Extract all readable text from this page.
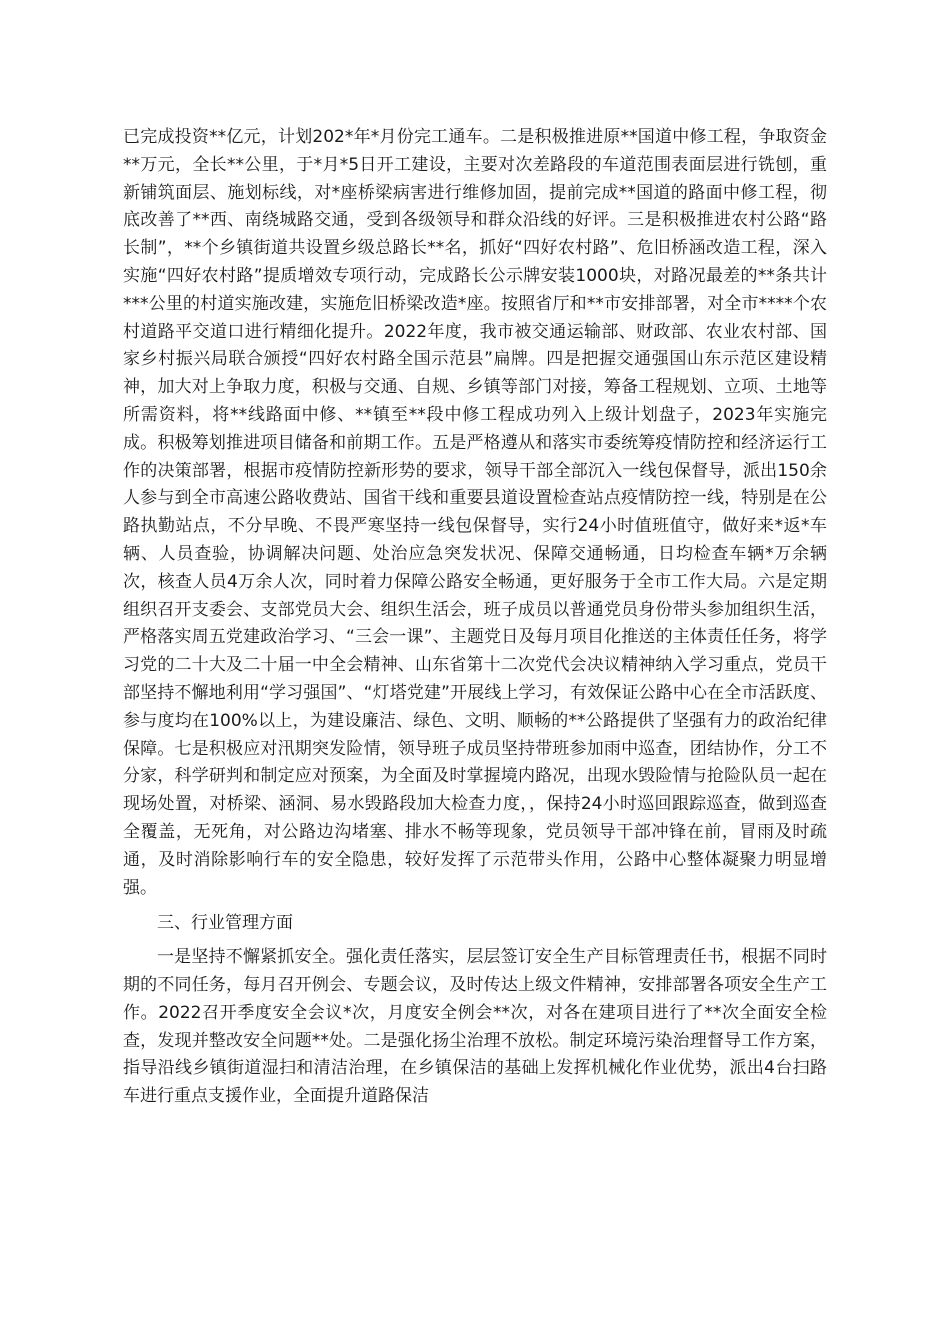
已完成投资**亿元，计划202*年*月份完工通车。二是积极推进原**国道中修工程，争取资金**万元，全长**公里，于*月*5日开工建设，主要对次差路段的车道范围表面层进行铣刨，重新铺筑面层、施划标线，对*座桥梁病害进行维修加固，提前完成**国道的路面中修工程，彻底改善了**西、南绕城路交通，受到各级领导和群众沿线的好评。三是积极推进农村公路“路长制”，**个乡镇街道共设置乡级总路长**名，抓好“四好农村路”、危旧桥涵改造工程，深入实施“四好农村路”提质增效专项行动，完成路长公示牌安装1000块，对路况最差的**条共计***公里的村道实施改建，实施危旧桥梁改造*座。按照省厅和**市安排部署，对全市****个农村道路平交道口进行精细化提升。2022年度，我市被交通运输部、财政部、农业农村部、国家乡村振兴局联合颁授“四好农村路全国示范县”扁牌。四是把握交通强国山东示范区建设精神，加大对上争取力度，积极与交通、自规、乡镇等部门对接，筹备工程规划、立项、土地等所需资料，将**线路面中修、**镇至**段中修工程成功列入上级计划盘子，2023年实施完成。积极筹划推进项目储备和前期工作。五是严格遵从和落实市委统筹疫情防控和经济运行工作的决策部署，根据市疫情防控新形势的要求，领导干部全部沉入一线包保督导，派出150余人参与到全市高速公路收费站、国省干线和重要县道设置检查站点疫情防控一线，特别是在公路执勤站点，不分早晚、不畏严寒坚持一线包保督导，实行24小时值班值守，做好来*返*车辆、人员查验，协调解决问题、处治应急突发状况、保障交通畅通，日均检查车辆*万余辆次，核查人员4万余人次，同时着力保障公路安全畅通，更好服务于全市工作大局。六是定期组织召开支委会、支部党员大会、组织生活会，班子成员以普通党员身份带头参加组织生活，严格落实周五党建政治学习、“三会一课”、主题党日及每月项目化推送的主体责任任务，将学习党的二十大及二十届一中全会精神、山东省第十二次党代会决议精神纳入学习重点，党员干部坚持不懈地利用“学习强国”、“灯塔党建”开展线上学习，有效保证公路中心在全市活跃度、参与度均在100%以上，为建设廉洁、绿色、文明、顺畅的**公路提供了坚强有力的政治纪律保障。七是积极应对汛期突发险情，领导班子成员坚持带班参加雨中巡查，团结协作，分工不分家，科学研判和制定应对预案，为全面及时掌握境内路况，出现水毁险情与抢险队员一起在现场处置，对桥梁、涵洞、易水毁路段加大检查力度，，保持24小时巡回跟踪巡查，做到巡查全覆盖，无死角，对公路边沟堵塞、排水不畅等现象，党员领导干部冲锋在前，冒雨及时疏通，及时消除影响行车的安全隐患，较好发挥了示范带头作用，公路中心整体凝聚力明显增强。

三、行业管理方面

一是坚持不懈紧抓安全。强化责任落实，层层签订安全生产目标管理责任书，根据不同时期的不同任务，每月召开例会、专题会议，及时传达上级文件精神，安排部署各项安全生产工作。2022召开季度安全会议*次，月度安全例会**次，对各在建项目进行了**次全面安全检查，发现并整改安全问题**处。二是强化扬尘治理不放松。制定环境污染治理督导工作方案，指导沿线乡镇街道湿扫和清洁治理，在乡镇保洁的基础上发挥机械化作业优势，派出4台扫路车进行重点支援作业，全面提升道路保洁
